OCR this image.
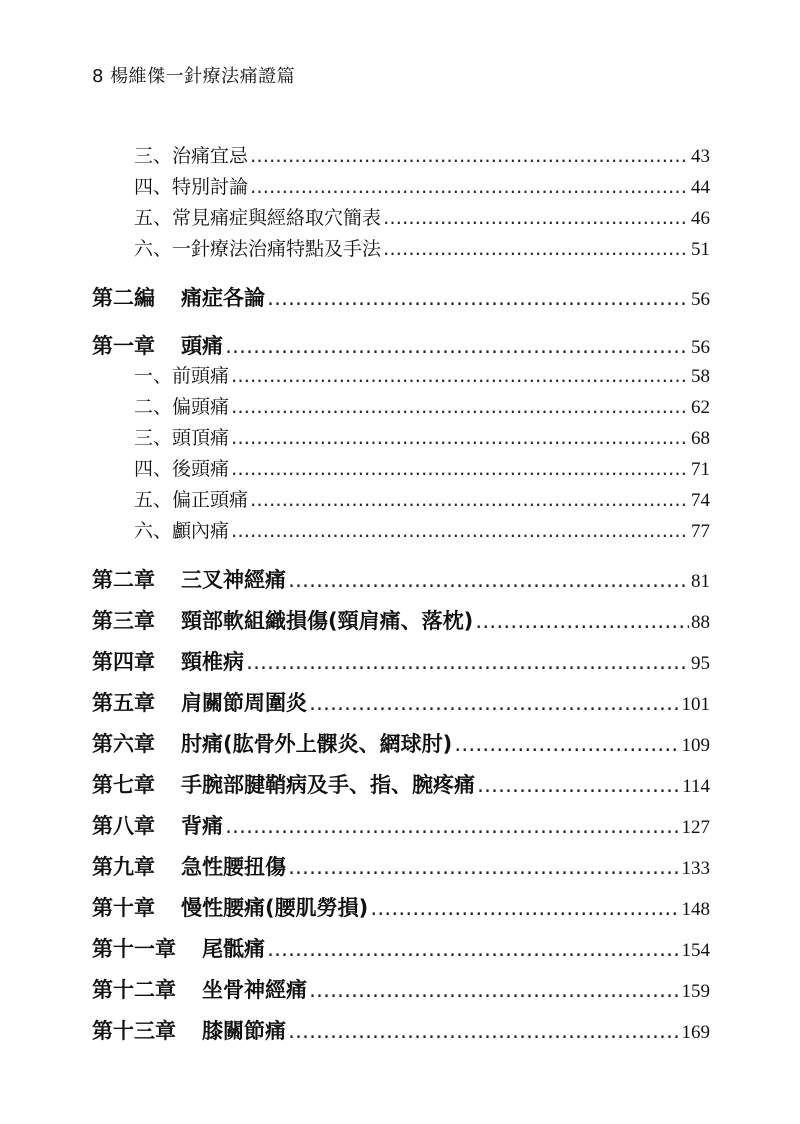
8 楊維傑一針療法痛證篇
三、治痛宜忌 ……………………………………………………………………………………………………………………………………………	43
四、特別討論 ……………………………………………………………………………………………………………………………………………	44
五、常見痛症與經絡取穴簡表 ……………………………………………………………………………………………………………………………………………	46
六、一針療法治痛特點及手法 ……………………………………………………………………………………………………………………………………………	51
第二編 痛症各論 ……………………………………………………………………………………………………………………………………………	56
第一章 頭痛 ……………………………………………………………………………………………………………………………………………	56
一、前頭痛 ……………………………………………………………………………………………………………………………………………	58
二、偏頭痛 ……………………………………………………………………………………………………………………………………………	62
三、頭頂痛 ……………………………………………………………………………………………………………………………………………	68
四、後頭痛 ……………………………………………………………………………………………………………………………………………	71
五、偏正頭痛 ……………………………………………………………………………………………………………………………………………	74
六、顱內痛 ……………………………………………………………………………………………………………………………………………	77
第二章 三叉神經痛 ……………………………………………………………………………………………………………………………………………	81
第三章 頸部軟組織損傷(頸肩痛、落枕) ……………………………………………………………………………………………………………………………………………	88
第四章 頸椎病 ……………………………………………………………………………………………………………………………………………	95
第五章 肩關節周圍炎 ……………………………………………………………………………………………………………………………………………	101
第六章 肘痛(肱骨外上髁炎、網球肘) ……………………………………………………………………………………………………………………………………………	109
第七章 手腕部腱鞘病及手、指、腕疼痛 ……………………………………………………………………………………………………………………………………………	114
第八章 背痛 ……………………………………………………………………………………………………………………………………………	127
第九章 急性腰扭傷 ……………………………………………………………………………………………………………………………………………	133
第十章 慢性腰痛(腰肌勞損) ……………………………………………………………………………………………………………………………………………	148
第十一章 尾骶痛 ……………………………………………………………………………………………………………………………………………	154
第十二章 坐骨神經痛 ……………………………………………………………………………………………………………………………………………	159
第十三章 膝關節痛 ……………………………………………………………………………………………………………………………………………	169
